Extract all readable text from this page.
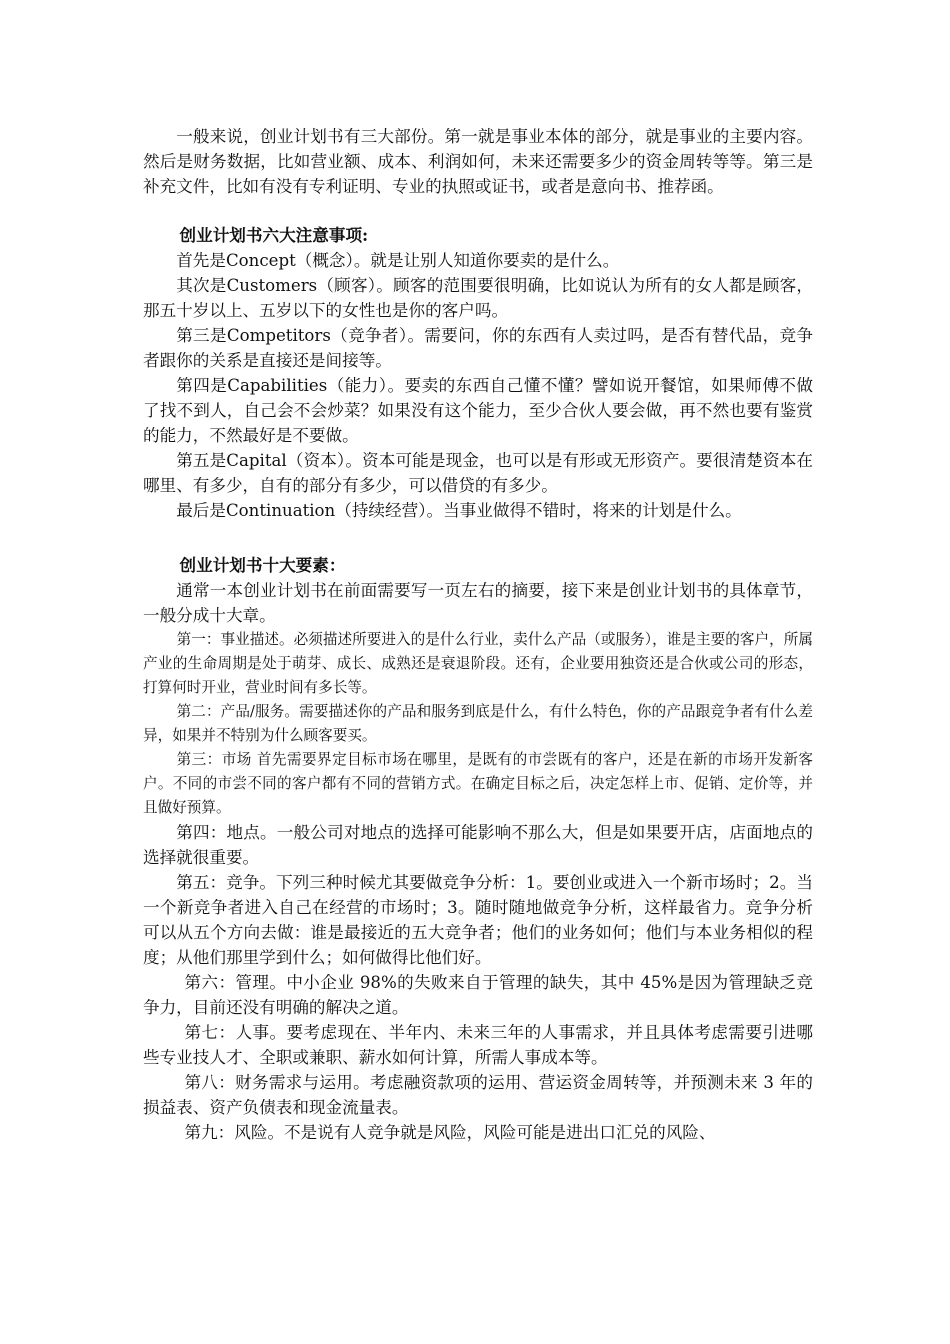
一般来说，创业计划书有三大部份。第一就是事业本体的部分，就是事业的主要内容。然后是财务数据，比如营业额、成本、利润如何，未来还需要多少的资金周转等等。第三是补充文件，比如有没有专利证明、专业的执照或证书，或者是意向书、推荐函。

创业计划书六大注意事项:

首先是Concept（概念）。就是让别人知道你要卖的是什么。

其次是Customers（顾客）。顾客的范围要很明确，比如说认为所有的女人都是顾客，那五十岁以上、五岁以下的女性也是你的客户吗。

第三是Competitors（竞争者）。需要问，你的东西有人卖过吗，是否有替代品，竞争者跟你的关系是直接还是间接等。

第四是Capabilities（能力）。要卖的东西自己懂不懂？譬如说开餐馆，如果师傅不做了找不到人，自己会不会炒菜？如果没有这个能力，至少合伙人要会做，再不然也要有鉴赏的能力，不然最好是不要做。

第五是Capital（资本）。资本可能是现金，也可以是有形或无形资产。要很清楚资本在哪里、有多少，自有的部分有多少，可以借贷的有多少。

最后是Continuation（持续经营）。当事业做得不错时，将来的计划是什么。

创业计划书十大要素：

通常一本创业计划书在前面需要写一页左右的摘要，接下来是创业计划书的具体章节，一般分成十大章。

第一：事业描述。必须描述所要进入的是什么行业，卖什么产品（或服务），谁是主要的客户，所属产业的生命周期是处于萌芽、成长、成熟还是衰退阶段。还有，企业要用独资还是合伙或公司的形态，打算何时开业，营业时间有多长等。

第二：产品/服务。需要描述你的产品和服务到底是什么，有什么特色，你的产品跟竞争者有什么差异，如果并不特别为什么顾客要买。

第三：市场 首先需要界定目标市场在哪里，是既有的市尝既有的客户，还是在新的市场开发新客户。不同的市尝不同的客户都有不同的营销方式。在确定目标之后，决定怎样上市、促销、定价等，并且做好预算。

第四：地点。一般公司对地点的选择可能影响不那么大，但是如果要开店，店面地点的选择就很重要。

第五：竞争。下列三种时候尤其要做竞争分析：1。要创业或进入一个新市场时；2。当一个新竞争者进入自己在经营的市场时；3。随时随地做竞争分析，这样最省力。竞争分析可以从五个方向去做：谁是最接近的五大竞争者；他们的业务如何；他们与本业务相似的程度；从他们那里学到什么；如何做得比他们好。

第六：管理。中小企业 98%的失败来自于管理的缺失，其中 45%是因为管理缺乏竞争力，目前还没有明确的解决之道。

第七：人事。要考虑现在、半年内、未来三年的人事需求，并且具体考虑需要引进哪些专业技人才、全职或兼职、薪水如何计算，所需人事成本等。

第八：财务需求与运用。考虑融资款项的运用、营运资金周转等，并预测未来 3 年的损益表、资产负债表和现金流量表。

第九：风险。不是说有人竞争就是风险，风险可能是进出口汇兑的风险、
